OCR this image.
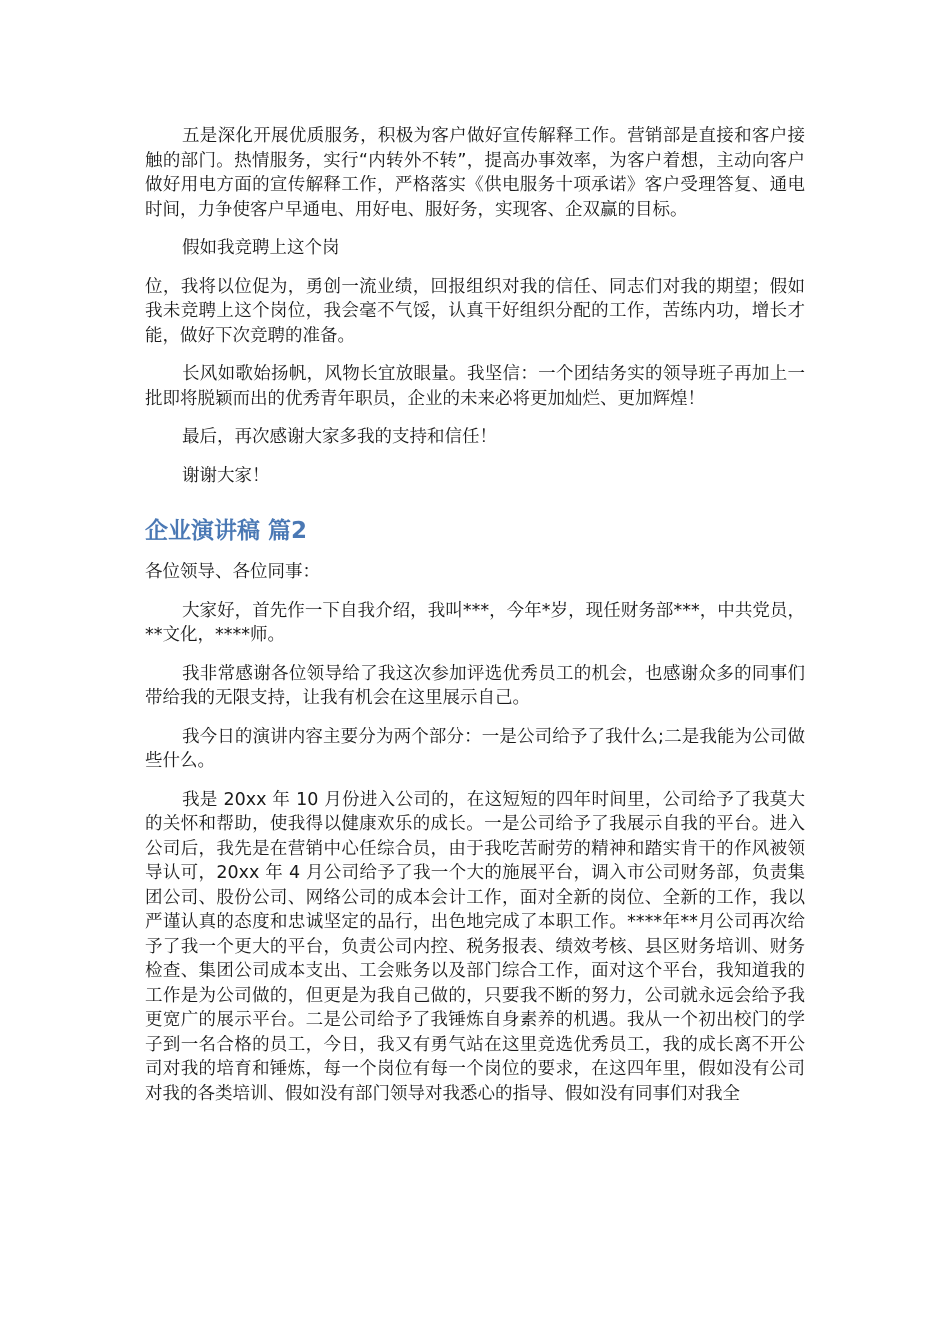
五是深化开展优质服务，积极为客户做好宣传解释工作。营销部是直接和客户接触的部门。热情服务，实行“内转外不转”，提高办事效率，为客户着想，主动向客户做好用电方面的宣传解释工作，严格落实《供电服务十项承诺》客户受理答复、通电时间，力争使客户早通电、用好电、服好务，实现客、企双赢的目标。

假如我竞聘上这个岗

位，我将以位促为，勇创一流业绩，回报组织对我的信任、同志们对我的期望；假如我未竞聘上这个岗位，我会毫不气馁，认真干好组织分配的工作，苦练内功，增长才能，做好下次竞聘的准备。

长风如歌始扬帆，风物长宜放眼量。我坚信：一个团结务实的领导班子再加上一批即将脱颖而出的优秀青年职员，企业的未来必将更加灿烂、更加辉煌！

最后，再次感谢大家多我的支持和信任！

谢谢大家！

企业演讲稿 篇2

各位领导、各位同事：

大家好，首先作一下自我介绍，我叫***，今年*岁，现任财务部***，中共党员，**文化，****师。

我非常感谢各位领导给了我这次参加评选优秀员工的机会，也感谢众多的同事们带给我的无限支持，让我有机会在这里展示自己。

我今日的演讲内容主要分为两个部分：一是公司给予了我什么;二是我能为公司做些什么。

我是 20xx 年 10 月份进入公司的，在这短短的四年时间里，公司给予了我莫大的关怀和帮助，使我得以健康欢乐的成长。一是公司给予了我展示自我的平台。进入公司后，我先是在营销中心任综合员，由于我吃苦耐劳的精神和踏实肯干的作风被领导认可，20xx 年 4 月公司给予了我一个大的施展平台，调入市公司财务部，负责集团公司、股份公司、网络公司的成本会计工作，面对全新的岗位、全新的工作，我以严谨认真的态度和忠诚坚定的品行，出色地完成了本职工作。****年**月公司再次给予了我一个更大的平台，负责公司内控、税务报表、绩效考核、县区财务培训、财务检查、集团公司成本支出、工会账务以及部门综合工作，面对这个平台，我知道我的工作是为公司做的，但更是为我自己做的，只要我不断的努力，公司就永远会给予我更宽广的展示平台。二是公司给予了我锤炼自身素养的机遇。我从一个初出校门的学子到一名合格的员工，今日，我又有勇气站在这里竞选优秀员工，我的成长离不开公司对我的培育和锤炼，每一个岗位有每一个岗位的要求，在这四年里，假如没有公司对我的各类培训、假如没有部门领导对我悉心的指导、假如没有同事们对我全
